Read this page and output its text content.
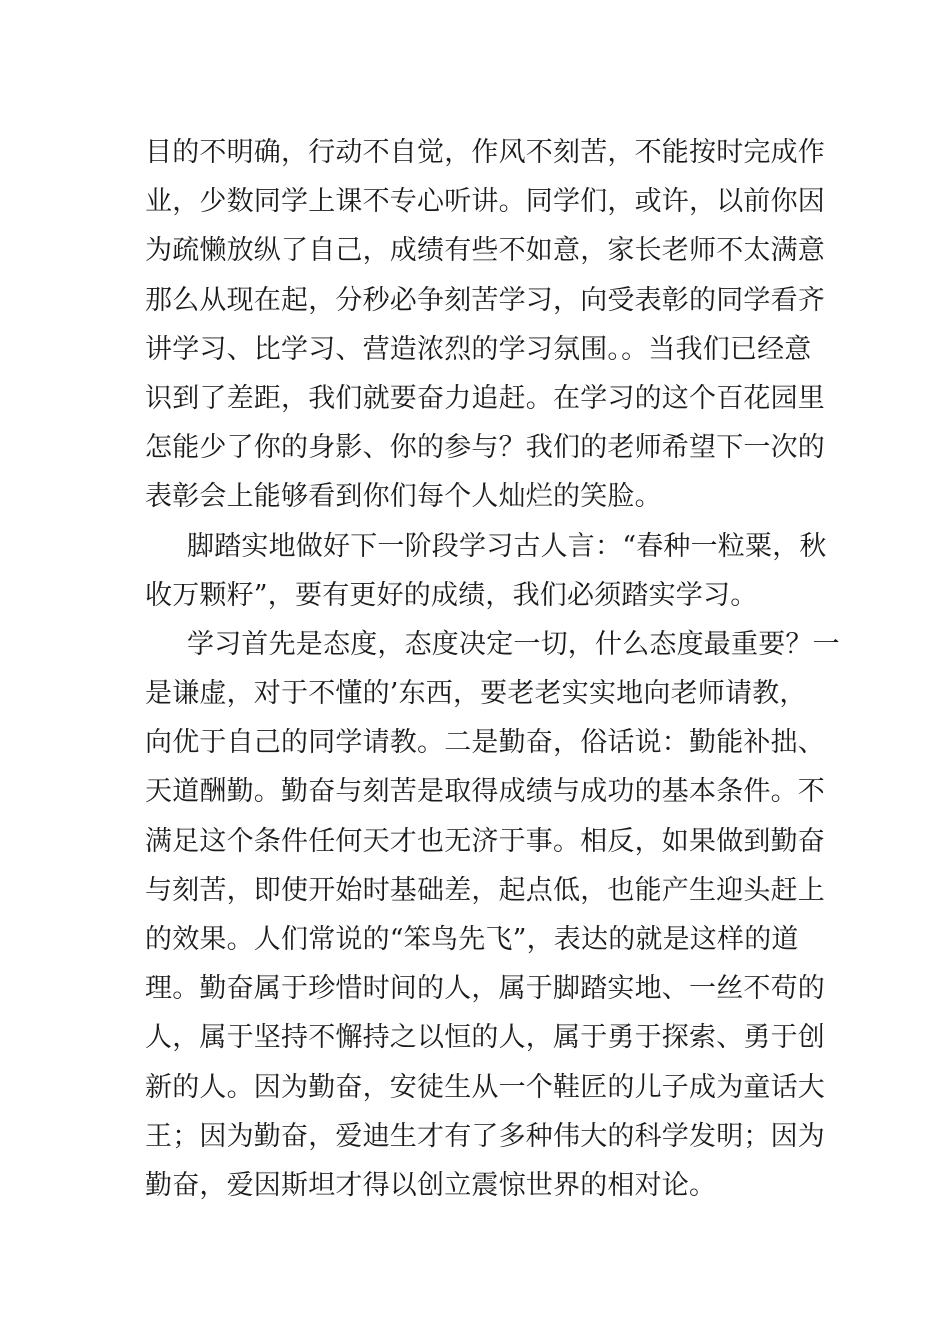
目的不明确，行动不自觉，作风不刻苦，不能按时完成作
业，少数同学上课不专心听讲。同学们，或许，以前你因
为疏懒放纵了自己，成绩有些不如意，家长老师不太满意
那么从现在起，分秒必争刻苦学习，向受表彰的同学看齐
讲学习、比学习、营造浓烈的学习氛围。。当我们已经意
识到了差距，我们就要奋力追赶。在学习的这个百花园里
怎能少了你的身影、你的参与？我们的老师希望下一次的
表彰会上能够看到你们每个人灿烂的笑脸。
脚踏实地做好下一阶段学习古人言：“春种一粒粟，秋
收万颗籽”，要有更好的成绩，我们必须踏实学习。
学习首先是态度，态度决定一切，什么态度最重要？一
是谦虚，对于不懂的’东西，要老老实实地向老师请教，
向优于自己的同学请教。二是勤奋，俗话说：勤能补拙、
天道酬勤。勤奋与刻苦是取得成绩与成功的基本条件。不
满足这个条件任何天才也无济于事。相反，如果做到勤奋
与刻苦，即使开始时基础差，起点低，也能产生迎头赶上
的效果。人们常说的“笨鸟先飞”，表达的就是这样的道
理。勤奋属于珍惜时间的人，属于脚踏实地、一丝不苟的
人，属于坚持不懈持之以恒的人，属于勇于探索、勇于创
新的人。因为勤奋，安徒生从一个鞋匠的儿子成为童话大
王；因为勤奋，爱迪生才有了多种伟大的科学发明；因为
勤奋，爱因斯坦才得以创立震惊世界的相对论。
